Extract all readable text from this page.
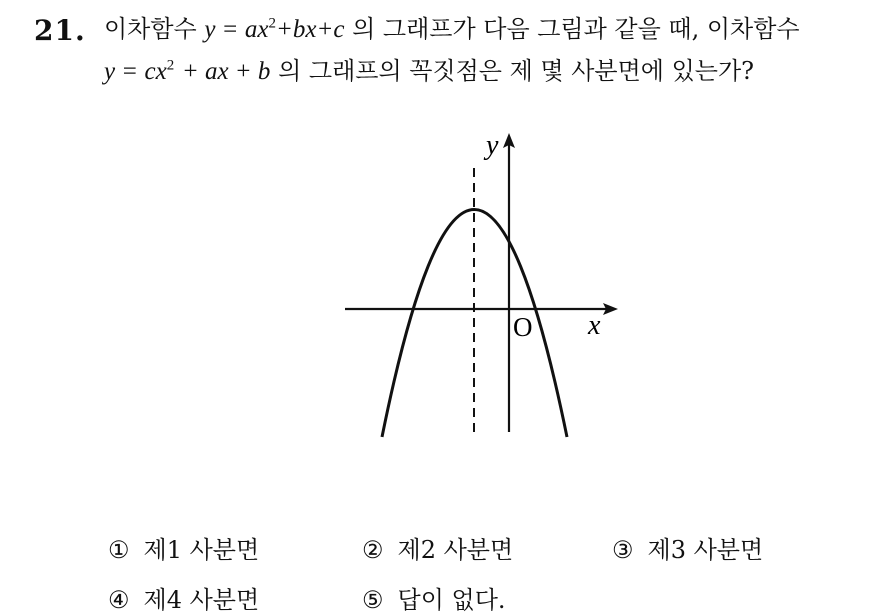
21. 이차함수 $y = ax^2+bx+c$ 의 그래프가 다음 그림과 같을 때, 이차함수
$y = cx^2$ + ax + b 의 그래프의 꼭짓점은 제 몇 사분면에 있는가?
y
x
O
① 제1 사분면	② 제2 사분면	③ 제3 사분면
④ 제4 사분면	⑤ 답이 없다.
